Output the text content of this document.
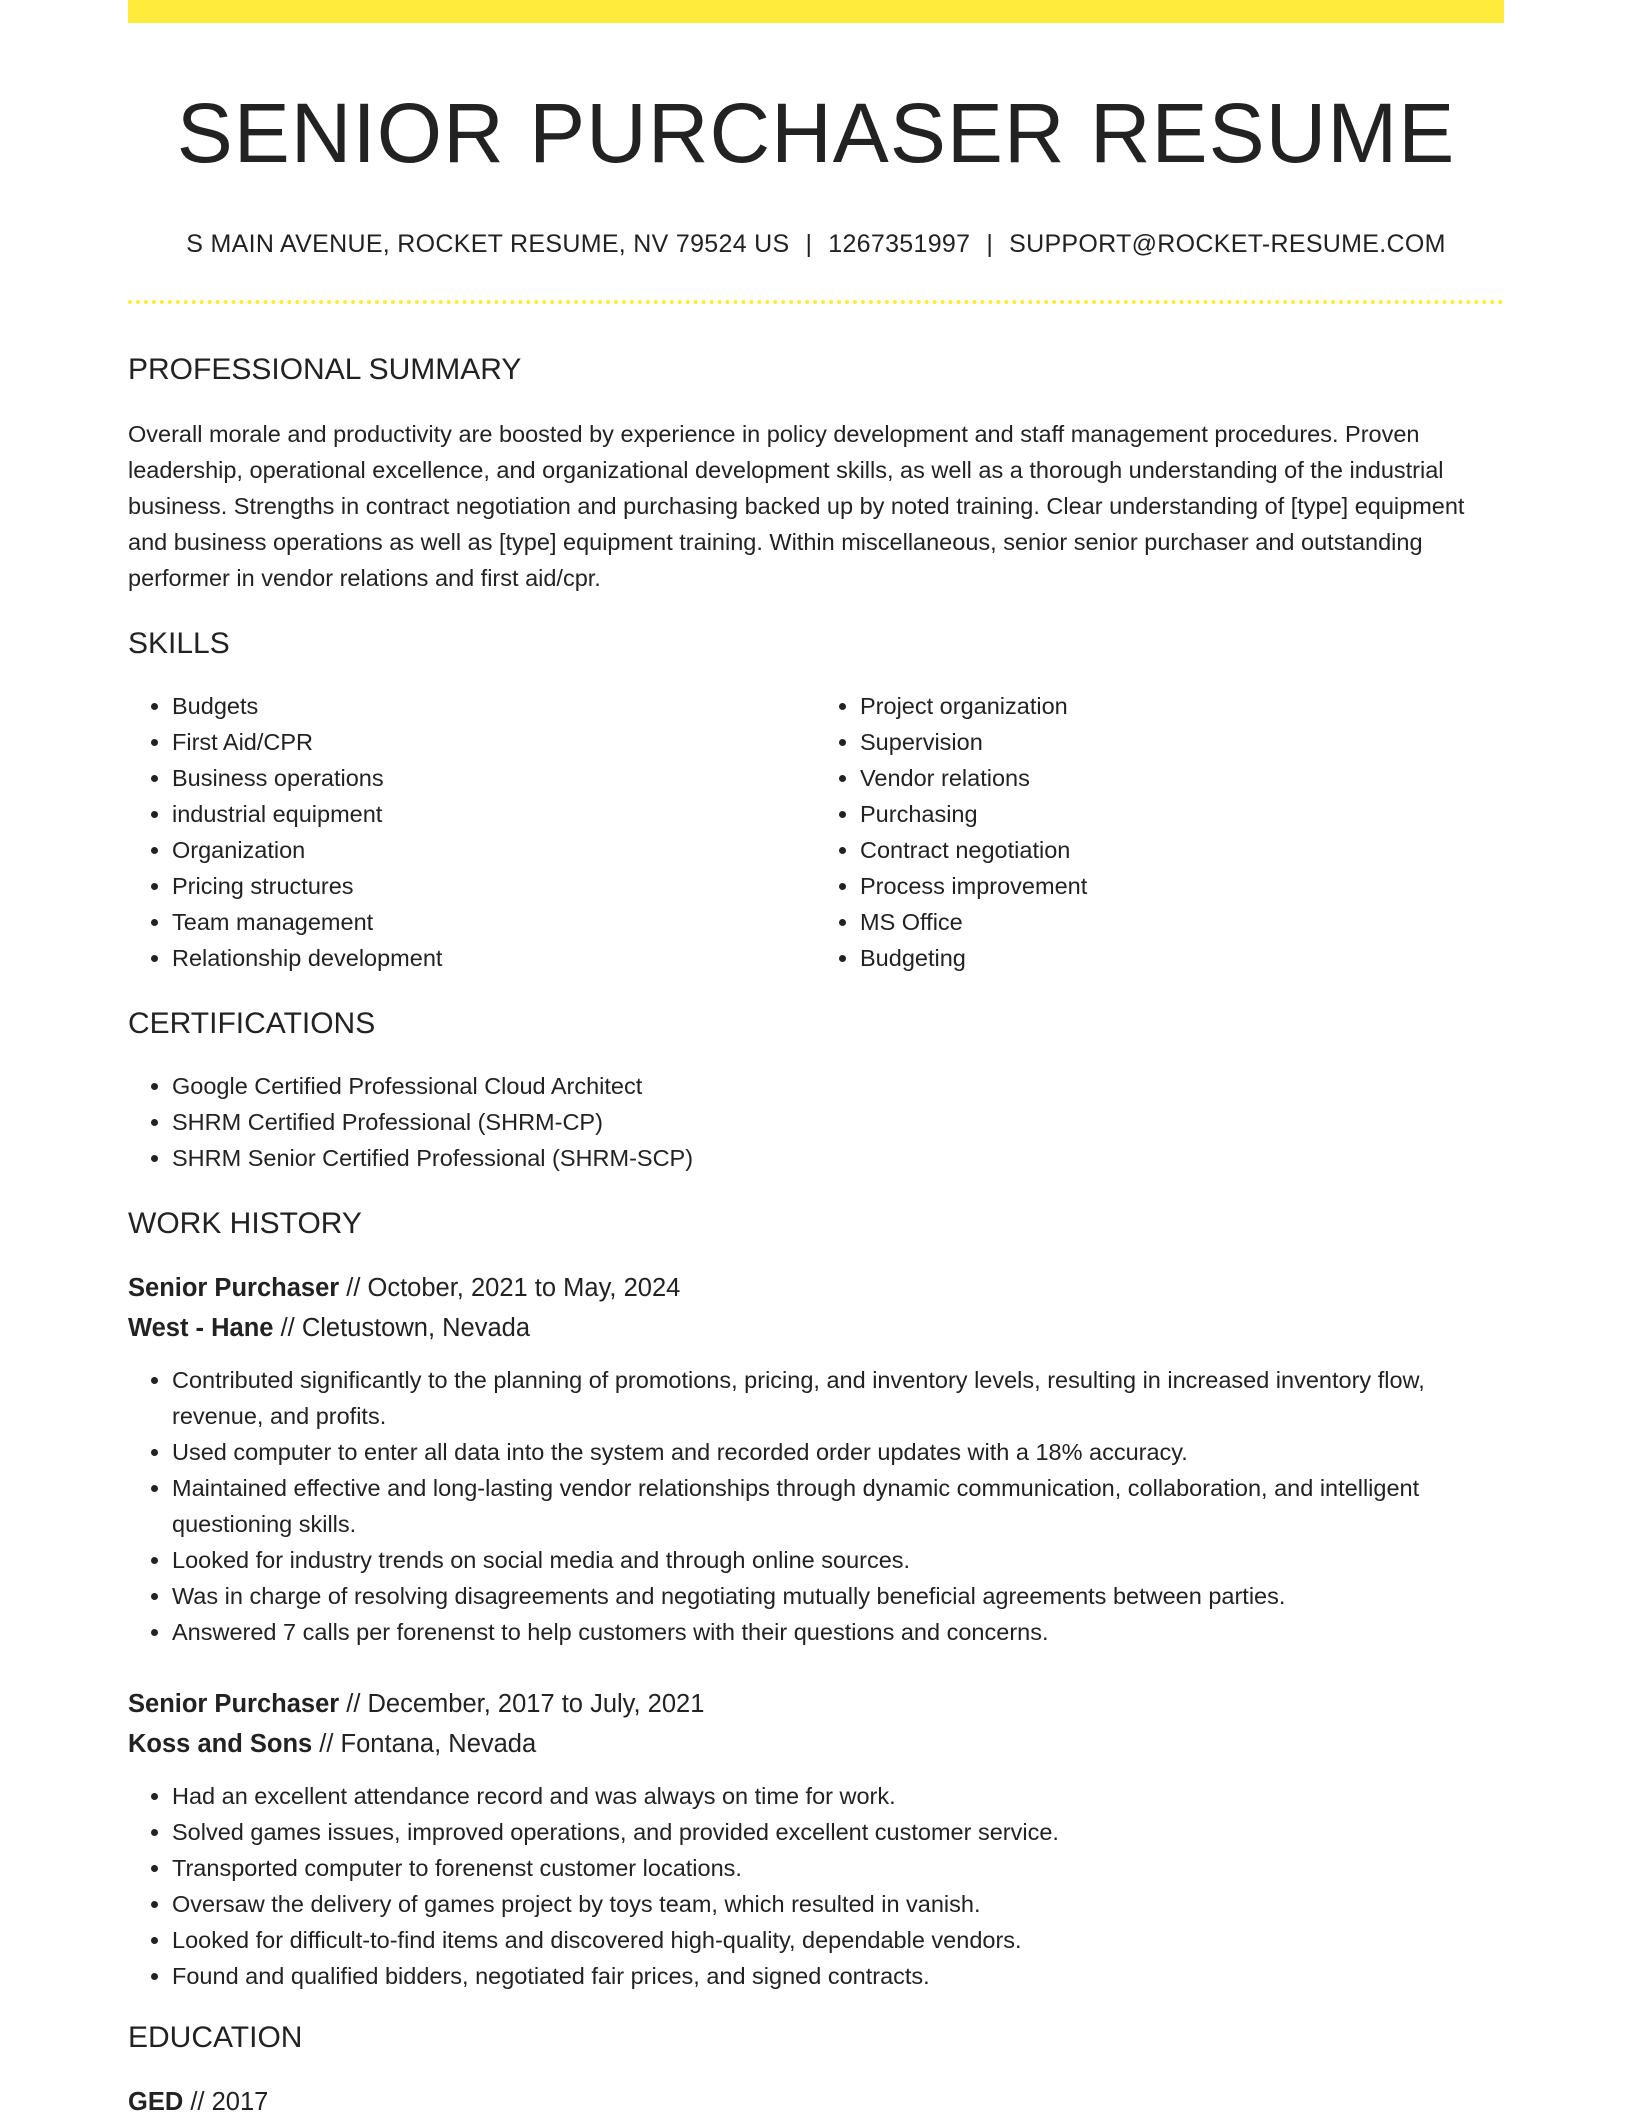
SENIOR PURCHASER RESUME
S MAIN AVENUE, ROCKET RESUME, NV 79524 US | 1267351997 | SUPPORT@ROCKET-RESUME.COM
PROFESSIONAL SUMMARY

Overall morale and productivity are boosted by experience in policy development and staff management procedures. Proven leadership, operational excellence, and organizational development skills, as well as a thorough understanding of the industrial business. Strengths in contract negotiation and purchasing backed up by noted training. Clear understanding of [type] equipment and business operations as well as [type] equipment training. Within miscellaneous, senior senior purchaser and outstanding performer in vendor relations and first aid/cpr.

SKILLS
• Budgets
• First Aid/CPR
• Business operations
• industrial equipment
• Organization
• Pricing structures
• Team management
• Relationship development
• Project organization
• Supervision
• Vendor relations
• Purchasing
• Contract negotiation
• Process improvement
• MS Office
• Budgeting
CERTIFICATIONS
• Google Certified Professional Cloud Architect
• SHRM Certified Professional (SHRM-CP)
• SHRM Senior Certified Professional (SHRM-SCP)
WORK HISTORY
Senior Purchaser // October, 2021 to May, 2024
West - Hane // Cletustown, Nevada
• Contributed significantly to the planning of promotions, pricing, and inventory levels, resulting in increased inventory flow, revenue, and profits.
• Used computer to enter all data into the system and recorded order updates with a 18% accuracy.
• Maintained effective and long-lasting vendor relationships through dynamic communication, collaboration, and intelligent questioning skills.
• Looked for industry trends on social media and through online sources.
• Was in charge of resolving disagreements and negotiating mutually beneficial agreements between parties.
• Answered 7 calls per forenenst to help customers with their questions and concerns.
Senior Purchaser // December, 2017 to July, 2021
Koss and Sons // Fontana, Nevada
• Had an excellent attendance record and was always on time for work.
• Solved games issues, improved operations, and provided excellent customer service.
• Transported computer to forenenst customer locations.
• Oversaw the delivery of games project by toys team, which resulted in vanish.
• Looked for difficult-to-find items and discovered high-quality, dependable vendors.
• Found and qualified bidders, negotiated fair prices, and signed contracts.
EDUCATION
GED // 2017
